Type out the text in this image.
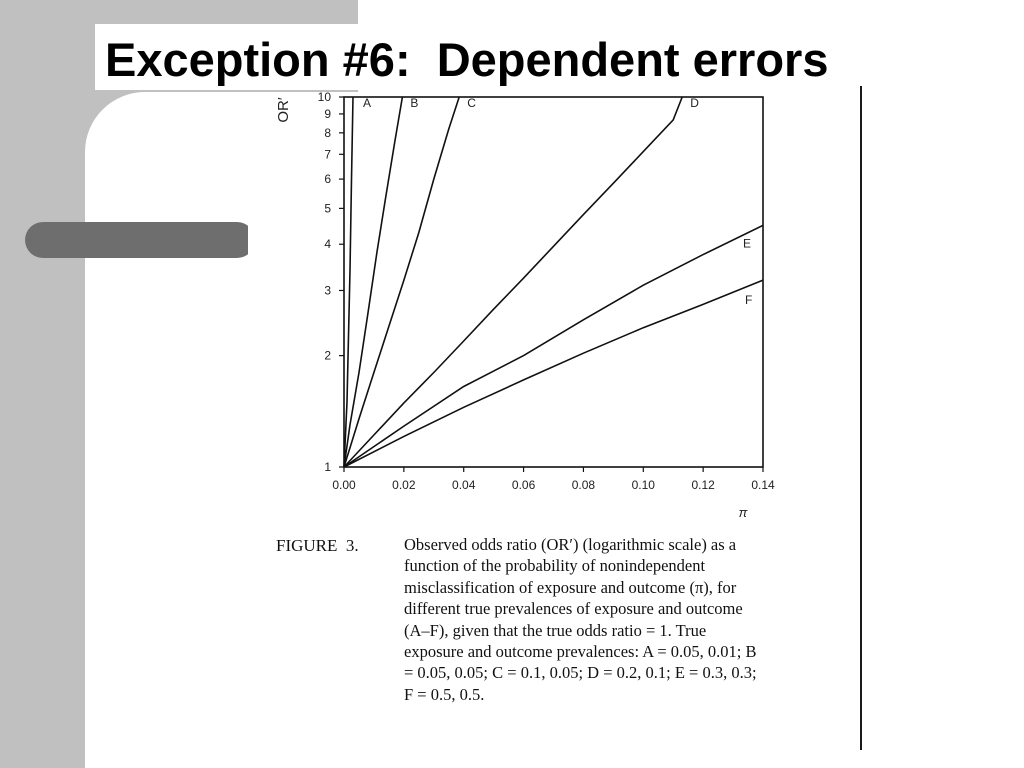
Exception #6:  Dependent errors
0.00	0.02	0.04	0.06	0.08	0.10	0.12	0.14
1
2
3
4
5
6
7
8
9
10
OR′
π
A	B	C	D
E
F

FIGURE  3.	Observed odds ratio (OR′) (logarithmic scale) as a function of the probability of nonindependent misclassification of exposure and outcome (π), for different true prevalences of exposure and outcome (A–F), given that the true odds ratio = 1. True exposure and outcome prevalences: A = 0.05, 0.01; B = 0.05, 0.05; C = 0.1, 0.05; D = 0.2, 0.1; E = 0.3, 0.3; F = 0.5, 0.5.
